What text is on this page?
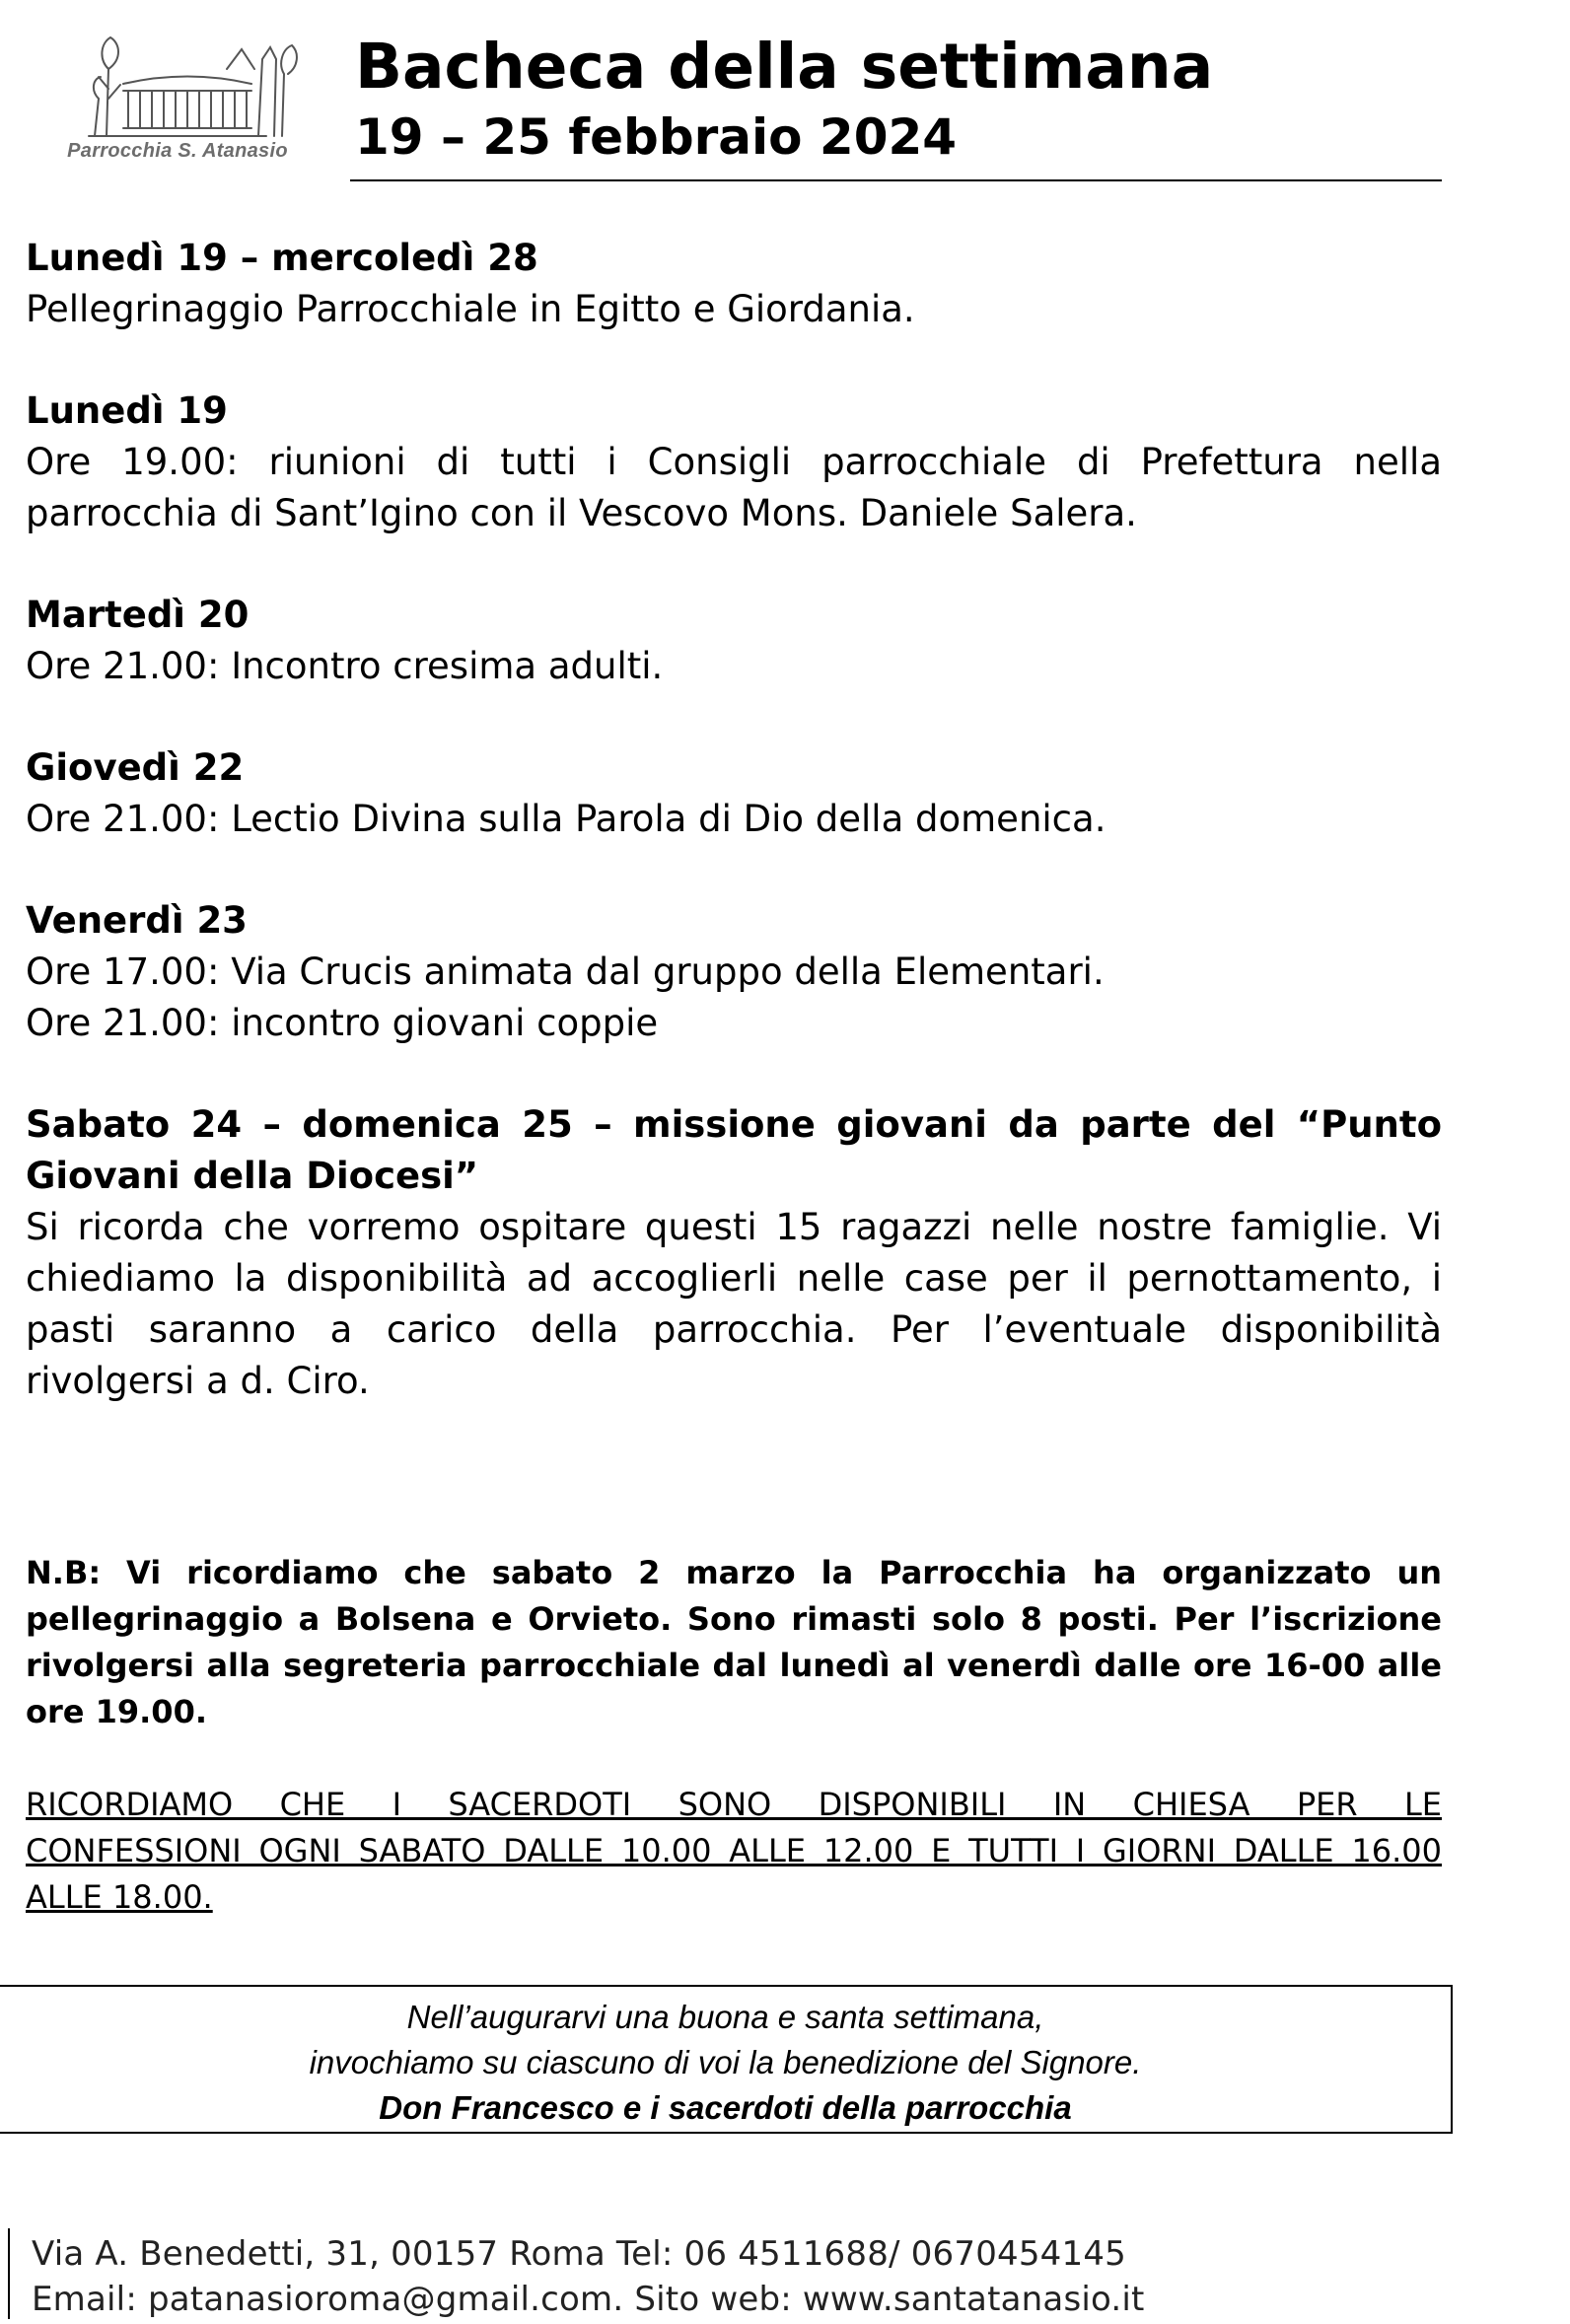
Parrocchia S. Atanasio
Bacheca della settimana
19 – 25 febbraio 2024
Lunedì 19 – mercoledì 28
Pellegrinaggio Parrocchiale in Egitto e Giordania.
Lunedì 19
Ore 19.00: riunioni di tutti i Consigli parrocchiale di Prefettura nella parrocchia di Sant’Igino con il Vescovo Mons. Daniele Salera.
Martedì 20
Ore 21.00: Incontro cresima adulti.
Giovedì 22
Ore 21.00: Lectio Divina sulla Parola di Dio della domenica.
Venerdì 23
Ore 17.00: Via Crucis animata dal gruppo della Elementari.
Ore 21.00: incontro giovani coppie
Sabato 24 – domenica 25 – missione giovani da parte del “Punto Giovani della Diocesi”
Si ricorda che vorremo ospitare questi 15 ragazzi nelle nostre famiglie. Vi chiediamo la disponibilità ad accoglierli nelle case per il pernottamento, i pasti saranno a carico della parrocchia. Per l’eventuale disponibilità rivolgersi a d. Ciro.
N.B: Vi ricordiamo che sabato 2 marzo la Parrocchia ha organizzato un pellegrinaggio a Bolsena e Orvieto. Sono rimasti solo 8 posti. Per l’iscrizione rivolgersi alla segreteria parrocchiale dal lunedì al venerdì dalle ore 16-00 alle ore 19.00.
RICORDIAMO CHE I SACERDOTI SONO DISPONIBILI IN CHIESA PER LE
CONFESSIONI OGNI SABATO DALLE 10.00 ALLE 12.00 E TUTTI I GIORNI DALLE 16.00
ALLE 18.00.
Nell’augurarvi una buona e santa settimana,
invochiamo su ciascuno di voi la benedizione del Signore.
Don Francesco e i sacerdoti della parrocchia
Via A. Benedetti, 31, 00157 Roma Tel: 06 4511688/ 0670454145
Email: patanasioroma@gmail.com. Sito web: www.santatanasio.it
